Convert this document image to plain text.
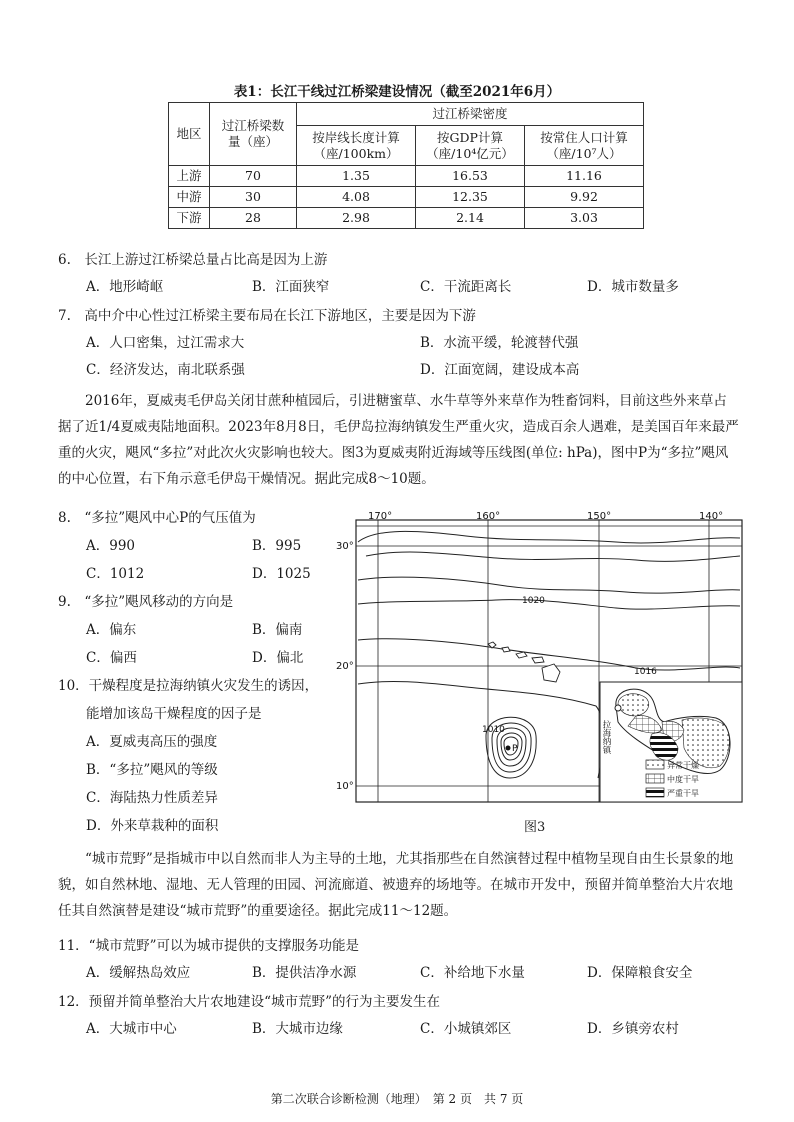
表1：长江干线过江桥梁建设情况（截至2021年6月）
地区	过江桥梁数量（座）	过江桥梁密度		
		按岸线长度计算（座/100km）	按GDP计算（座/10⁴亿元）	按常住人口计算（座/10⁷人）
上游	70	1.35	16.53	11.16
中游	30	4.08	12.35	9.92
下游	28	2.98	2.14	3.03
6.　长江上游过江桥梁总量占比高是因为上游
A．地形崎岖	B．江面狭窄	C．干流距离长	D．城市数量多
7.　高中介中心性过江桥梁主要布局在长江下游地区，主要是因为下游
A．人口密集，过江需求大	B．水流平缓，轮渡替代强
C．经济发达，南北联系强	D．江面宽阔，建设成本高
2016年，夏威夷毛伊岛关闭甘蔗种植园后，引进糖蜜草、水牛草等外来草作为牲畜饲料，目前这些外来草占据了近1/4夏威夷陆地面积。2023年8月8日，毛伊岛拉海纳镇发生严重火灾，造成百余人遇难，是美国百年来最严重的火灾，飓风“多拉”对此次火灾影响也较大。图3为夏威夷附近海域等压线图(单位: hPa)，图中P为“多拉”飓风的中心位置，右下角示意毛伊岛干燥情况。据此完成8～10题。
8.　“多拉”飓风中心P的气压值为
A．990	B．995
C．1012	D．1025
9.　“多拉”飓风移动的方向是
A．偏东	B．偏南
C．偏西	D．偏北
10．干燥程度是拉海纳镇火灾发生的诱因，
能增加该岛干燥程度的因子是
A．夏威夷高压的强度
B．“多拉”飓风的等级
C．海陆热力性质差异
D．外来草栽种的面积
170°	160°	150°	140°
30°
20°
10°
1020
1016
1010
P	拉海纳镇
异常干燥
中度干旱
严重干旱
图3
“城市荒野”是指城市中以自然而非人为主导的土地，尤其指那些在自然演替过程中植物呈现自由生长景象的地貌，如自然林地、湿地、无人管理的田园、河流廊道、被遗弃的场地等。在城市开发中，预留并简单整治大片农地任其自然演替是建设“城市荒野”的重要途径。据此完成11～12题。
11．“城市荒野”可以为城市提供的支撑服务功能是
A．缓解热岛效应	B．提供洁净水源	C．补给地下水量	D．保障粮食安全
12．预留并简单整治大片农地建设“城市荒野”的行为主要发生在
A．大城市中心	B．大城市边缘	C．小城镇郊区	D．乡镇旁农村
第二次联合诊断检测（地理）　第 2 页　共 7 页
